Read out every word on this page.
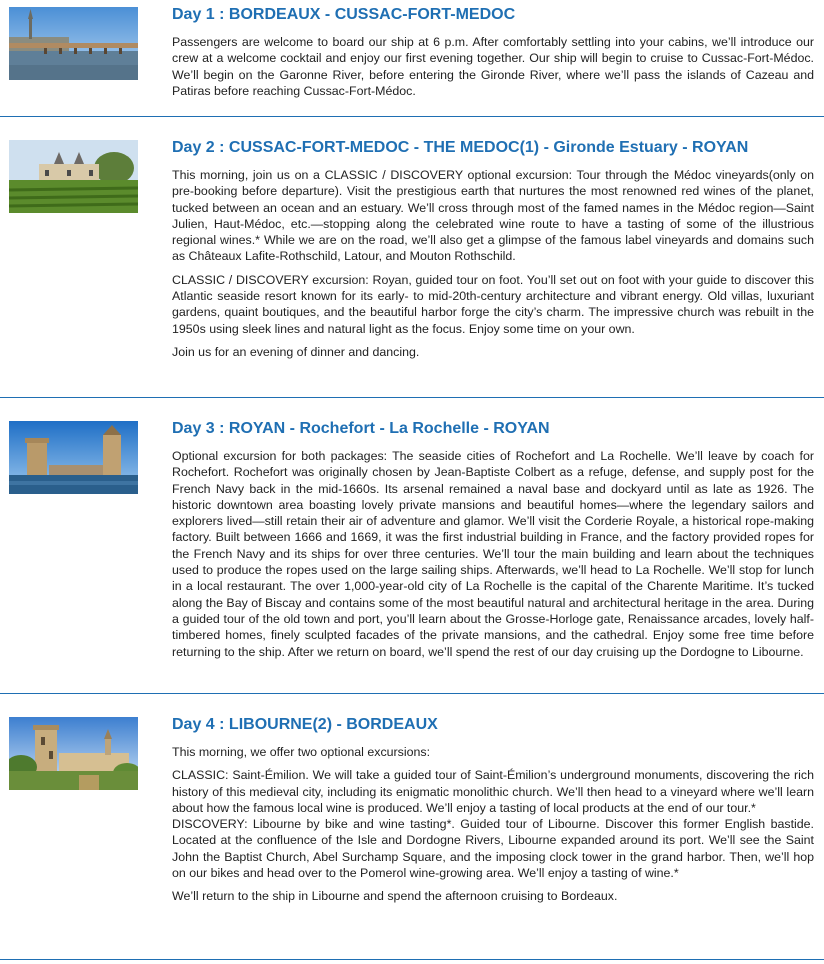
Day 1 : BORDEAUX - CUSSAC-FORT-MEDOC

Passengers are welcome to board our ship at 6 p.m. After comfortably settling into your cabins, we’ll introduce our crew at a welcome cocktail and enjoy our first evening together. Our ship will begin to cruise to Cussac-Fort-Médoc. We’ll begin on the Garonne River, before entering the Gironde River, where we’ll pass the islands of Cazeau and Patiras before reaching Cussac-Fort-Médoc.

Day 2 : CUSSAC-FORT-MEDOC - THE MEDOC(1) - Gironde Estuary - ROYAN

This morning, join us on a CLASSIC / DISCOVERY optional excursion: Tour through the Médoc vineyards(only on pre-booking before departure). Visit the prestigious earth that nurtures the most renowned red wines of the planet, tucked between an ocean and an estuary. We’ll cross through most of the famed names in the Médoc region—Saint Julien, Haut-Médoc, etc.—stopping along the celebrated wine route to have a tasting of some of the illustrious regional wines.* While we are on the road, we’ll also get a glimpse of the famous label vineyards and domains such as Châteaux Lafite-Rothschild, Latour, and Mouton Rothschild.

CLASSIC / DISCOVERY excursion: Royan, guided tour on foot. You’ll set out on foot with your guide to discover this Atlantic seaside resort known for its early- to mid-20th-century architecture and vibrant energy. Old villas, luxuriant gardens, quaint boutiques, and the beautiful harbor forge the city’s charm. The impressive church was rebuilt in the 1950s using sleek lines and natural light as the focus. Enjoy some time on your own.

Join us for an evening of dinner and dancing.

Day 3 : ROYAN - Rochefort - La Rochelle - ROYAN

Optional excursion for both packages: The seaside cities of Rochefort and La Rochelle. We’ll leave by coach for Rochefort. Rochefort was originally chosen by Jean-Baptiste Colbert as a refuge, defense, and supply post for the French Navy back in the mid-1660s. Its arsenal remained a naval base and dockyard until as late as 1926. The historic downtown area boasting lovely private mansions and beautiful homes—where the legendary sailors and explorers lived—still retain their air of adventure and glamor. We’ll visit the Corderie Royale, a historical rope-making factory. Built between 1666 and 1669, it was the first industrial building in France, and the factory provided ropes for the French Navy and its ships for over three centuries. We’ll tour the main building and learn about the techniques used to produce the ropes used on the large sailing ships. Afterwards, we’ll head to La Rochelle. We’ll stop for lunch in a local restaurant. The over 1,000-year-old city of La Rochelle is the capital of the Charente Maritime. It’s tucked along the Bay of Biscay and contains some of the most beautiful natural and architectural heritage in the area. During a guided tour of the old town and port, you’ll learn about the Grosse-Horloge gate, Renaissance arcades, lovely half-timbered homes, finely sculpted facades of the private mansions, and the cathedral. Enjoy some free time before returning to the ship. After we return on board, we’ll spend the rest of our day cruising up the Dordogne to Libourne.

Day 4 : LIBOURNE(2) - BORDEAUX

This morning, we offer two optional excursions:

CLASSIC: Saint-Émilion. We will take a guided tour of Saint-Émilion’s underground monuments, discovering the rich history of this medieval city, including its enigmatic monolithic church. We’ll then head to a vineyard where we’ll learn about how the famous local wine is produced. We’ll enjoy a tasting of local products at the end of our tour.*
DISCOVERY: Libourne by bike and wine tasting*. Guided tour of Libourne. Discover this former English bastide. Located at the confluence of the Isle and Dordogne Rivers, Libourne expanded around its port. We’ll see the Saint John the Baptist Church, Abel Surchamp Square, and the imposing clock tower in the grand harbor. Then, we’ll hop on our bikes and head over to the Pomerol wine-growing area. We’ll enjoy a tasting of wine.*

We’ll return to the ship in Libourne and spend the afternoon cruising to Bordeaux.
